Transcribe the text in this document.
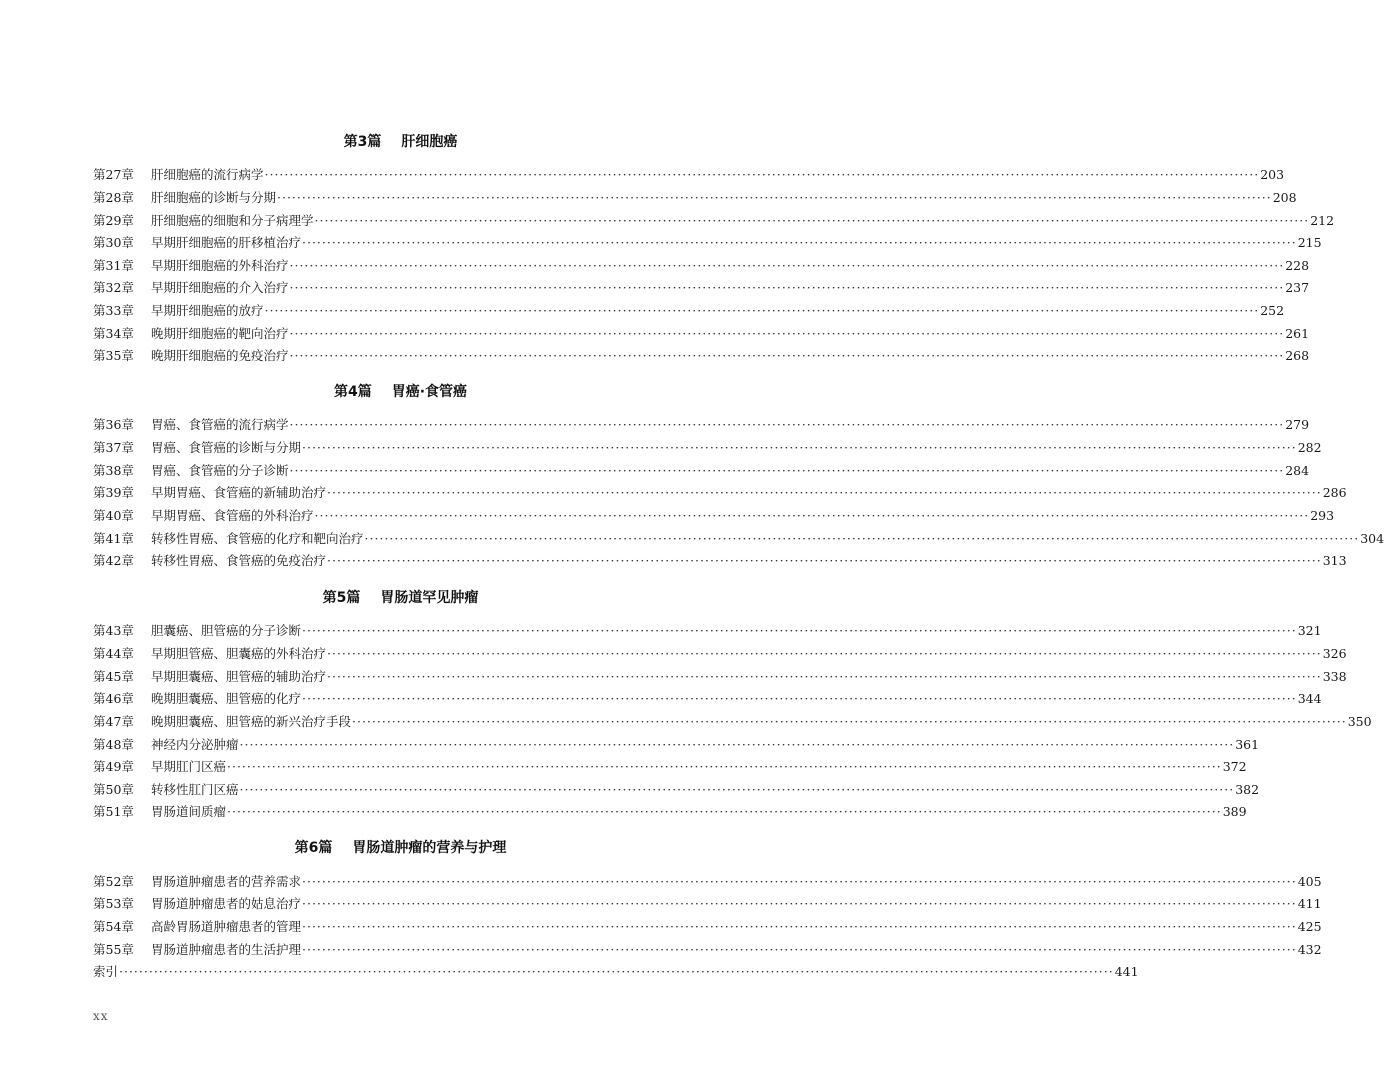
第3篇 肝细胞癌
第27章	肝细胞癌的流行病学 ········································································································································································································ 203
第28章	肝细胞癌的诊断与分期 ········································································································································································································ 208
第29章	肝细胞癌的细胞和分子病理学 ········································································································································································································ 212
第30章	早期肝细胞癌的肝移植治疗 ········································································································································································································ 215
第31章	早期肝细胞癌的外科治疗 ········································································································································································································ 228
第32章	早期肝细胞癌的介入治疗 ········································································································································································································ 237
第33章	早期肝细胞癌的放疗 ········································································································································································································ 252
第34章	晚期肝细胞癌的靶向治疗 ········································································································································································································ 261
第35章	晚期肝细胞癌的免疫治疗 ········································································································································································································ 268
第4篇 胃癌·食管癌
第36章	胃癌、食管癌的流行病学 ········································································································································································································ 279
第37章	胃癌、食管癌的诊断与分期 ········································································································································································································ 282
第38章	胃癌、食管癌的分子诊断 ········································································································································································································ 284
第39章	早期胃癌、食管癌的新辅助治疗 ········································································································································································································ 286
第40章	早期胃癌、食管癌的外科治疗 ········································································································································································································ 293
第41章	转移性胃癌、食管癌的化疗和靶向治疗 ········································································································································································································ 304
第42章	转移性胃癌、食管癌的免疫治疗 ········································································································································································································ 313
第5篇 胃肠道罕见肿瘤
第43章	胆囊癌、胆管癌的分子诊断 ········································································································································································································ 321
第44章	早期胆管癌、胆囊癌的外科治疗 ········································································································································································································ 326
第45章	早期胆囊癌、胆管癌的辅助治疗 ········································································································································································································ 338
第46章	晚期胆囊癌、胆管癌的化疗 ········································································································································································································ 344
第47章	晚期胆囊癌、胆管癌的新兴治疗手段 ········································································································································································································ 350
第48章	神经内分泌肿瘤 ········································································································································································································ 361
第49章	早期肛门区癌 ········································································································································································································ 372
第50章	转移性肛门区癌 ········································································································································································································ 382
第51章	胃肠道间质瘤 ········································································································································································································ 389
第6篇 胃肠道肿瘤的营养与护理
第52章	胃肠道肿瘤患者的营养需求 ········································································································································································································ 405
第53章	胃肠道肿瘤患者的姑息治疗 ········································································································································································································ 411
第54章	高龄胃肠道肿瘤患者的管理 ········································································································································································································ 425
第55章	胃肠道肿瘤患者的生活护理 ········································································································································································································ 432
索引 ········································································································································································································ 441
xx
